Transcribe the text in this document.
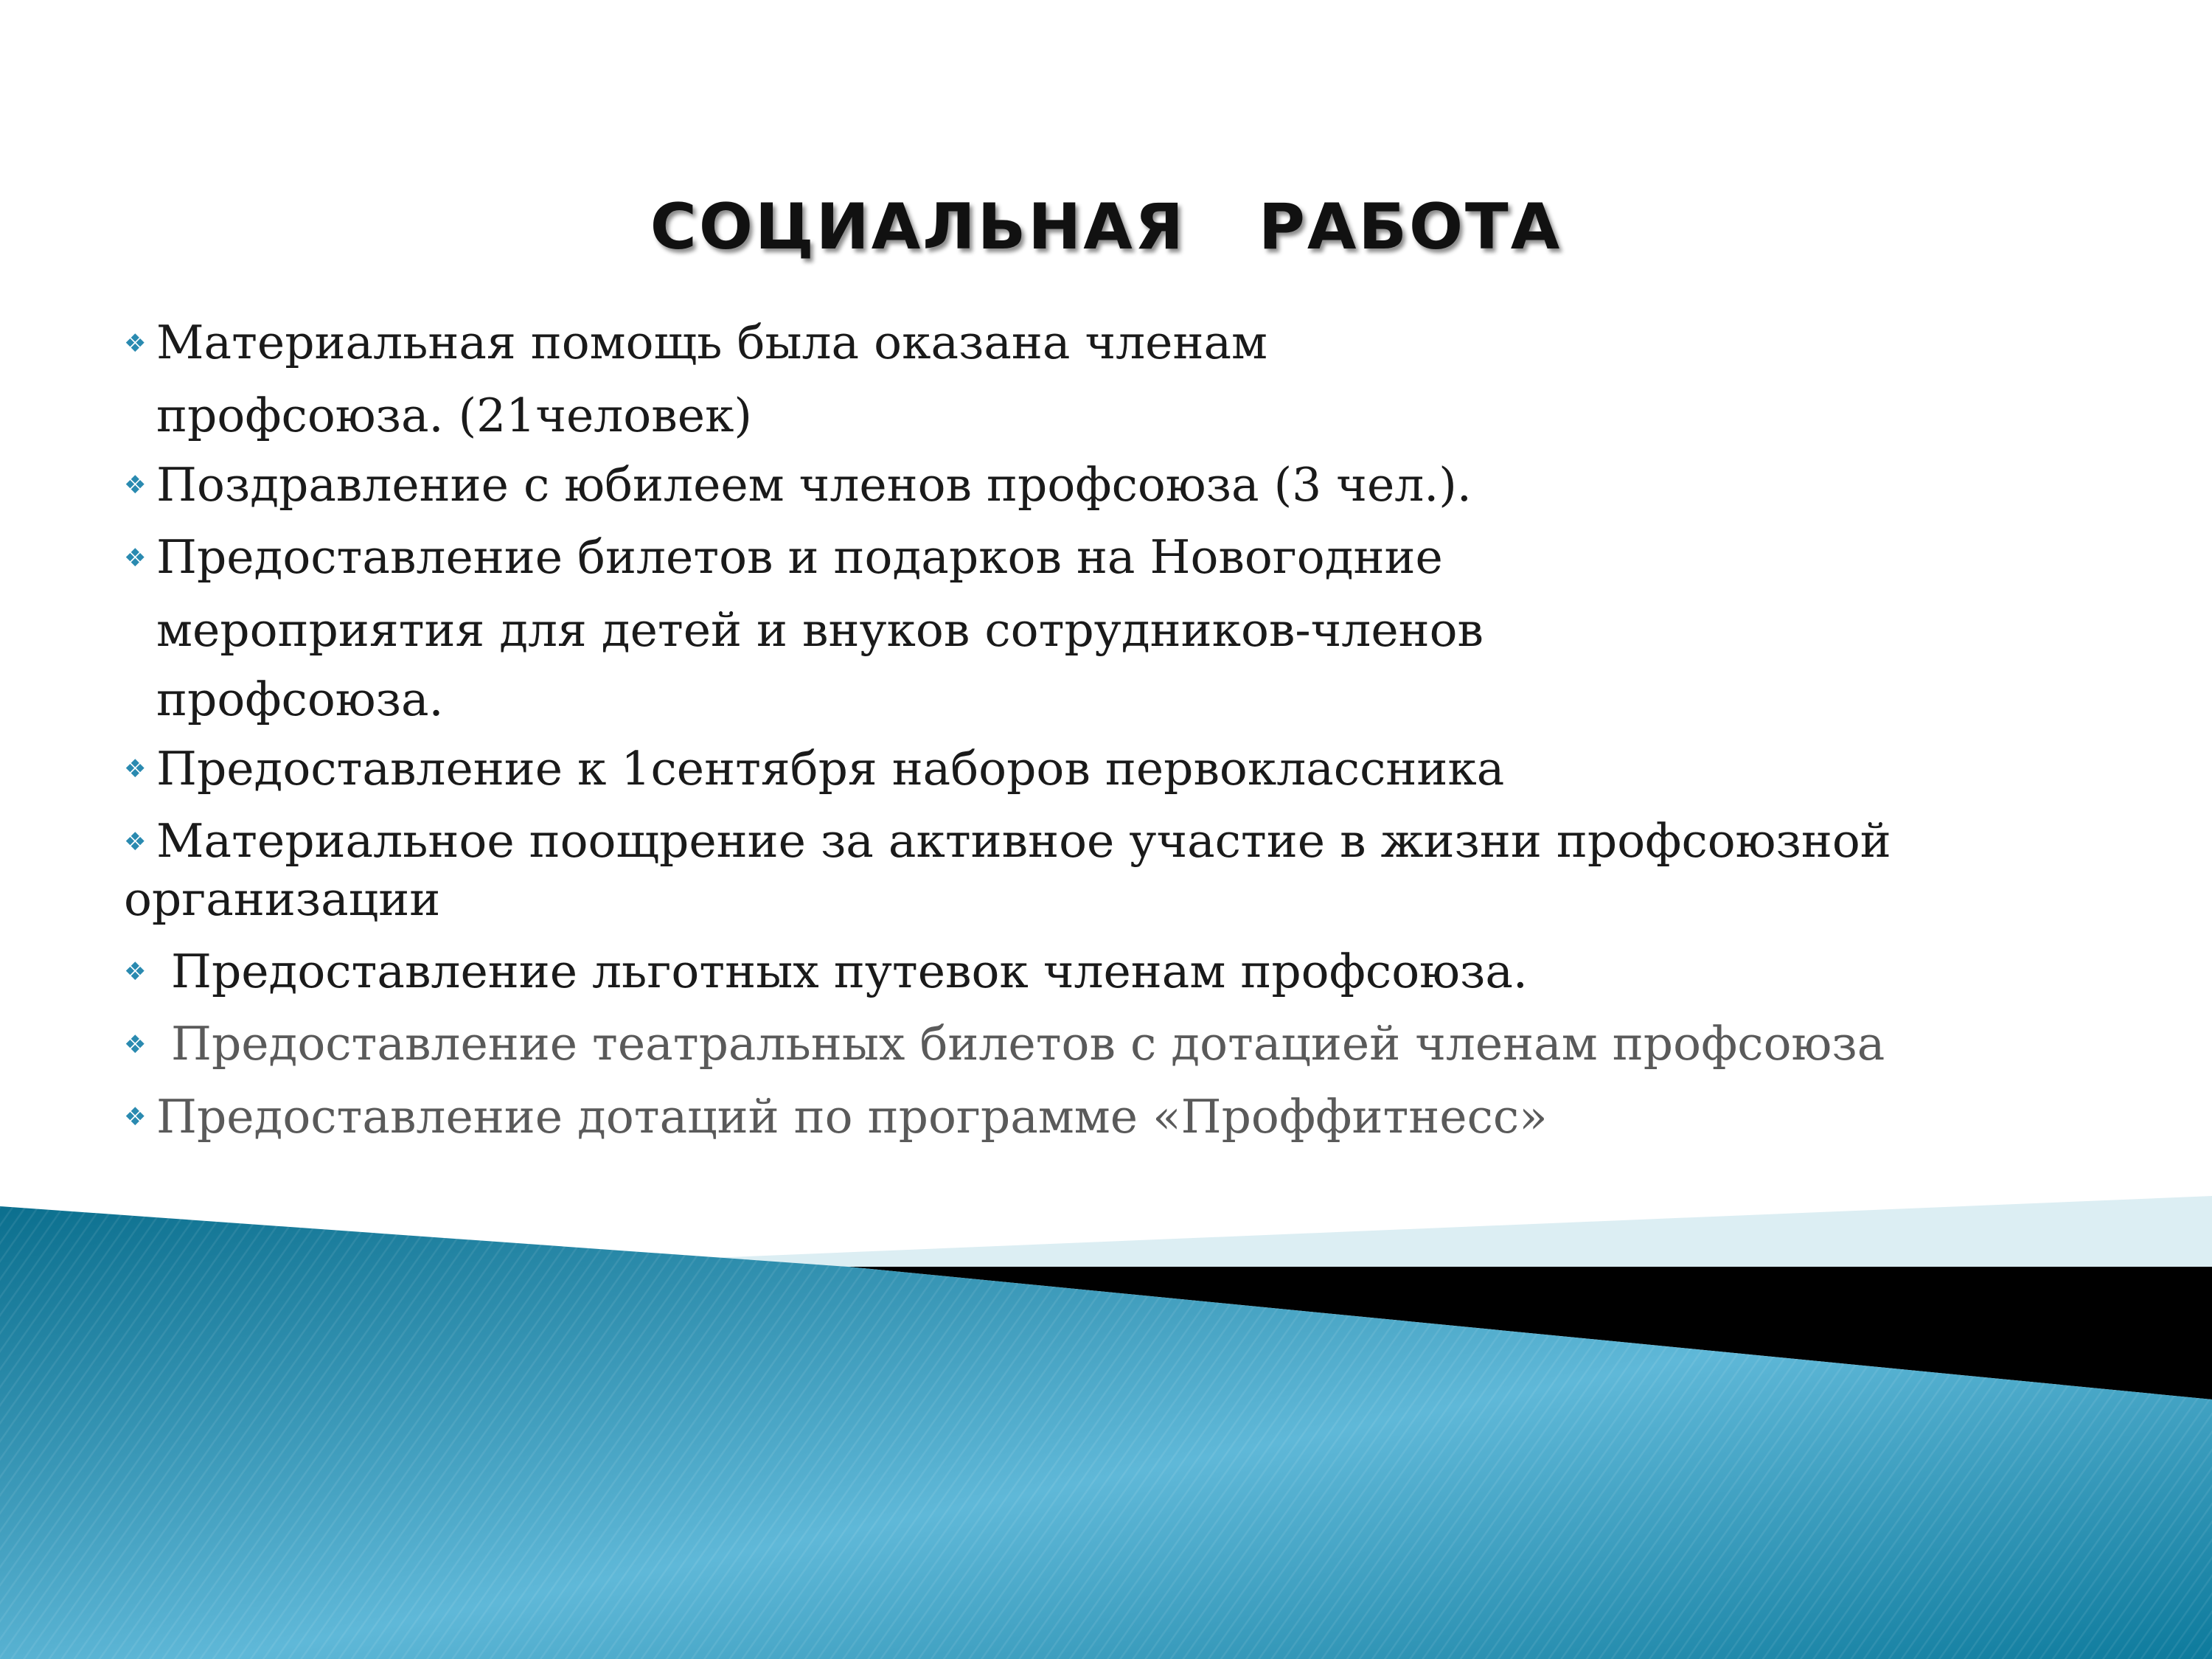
СОЦИАЛЬНАЯ   РАБОТА
❖ Материальная помощь была оказана членам
профсоюза. (21человек)
❖ Поздравление с юбилеем членов профсоюза (3 чел.).
❖ Предоставление билетов и подарков на Новогодние
мероприятия для детей и внуков сотрудников-членов
профсоюза.
❖ Предоставление к 1сентября наборов первоклассника
❖ Материальное поощрение за активное участие в жизни профсоюзной организации
❖ Предоставление льготных путевок членам профсоюза.
❖ Предоставление театральных билетов с дотацией членам профсоюза
❖ Предоставление дотаций по программе «Проффитнесс»
